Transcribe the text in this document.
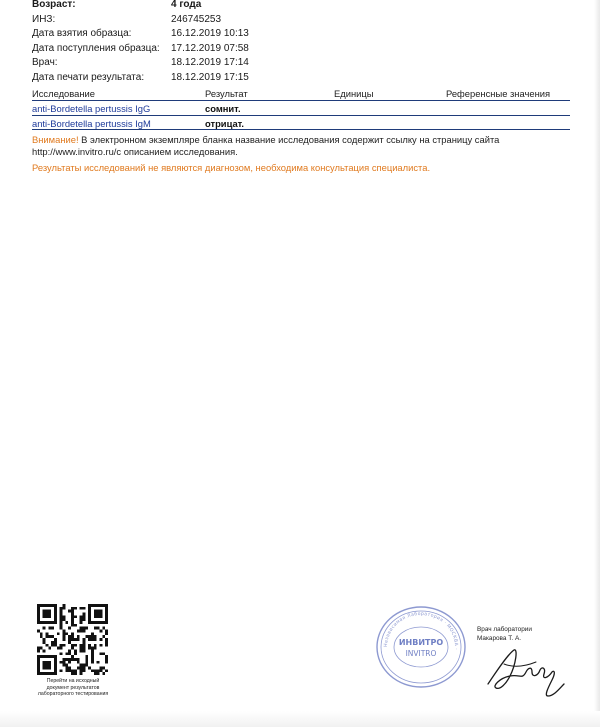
Возраст:	4 года
ИНЗ:	246745253
Дата взятия образца:	16.12.2019 10:13
Дата поступления образца:	17.12.2019 07:58
Врач:	18.12.2019 17:14
Дата печати результата:	18.12.2019 17:15
Исследование	Результат	Единицы	Референсные значения
anti-Bordetella pertussis IgG	сомнит.
anti-Bordetella pertussis IgM	отрицат.
Внимание! В электронном экземпляре бланка название исследования содержит ссылку на страницу сайта
http://www.invitro.ru/с описанием исследования.
Результаты исследований не являются диагнозом, необходима консультация специалиста.
Перейти на исходный
документ результатов
лабораторного тестирования
Независимая Лаборатория · МОСКВА ·
ИНВИТРО
INVITRO
Врач лаборатории
Макарова Т. А.
